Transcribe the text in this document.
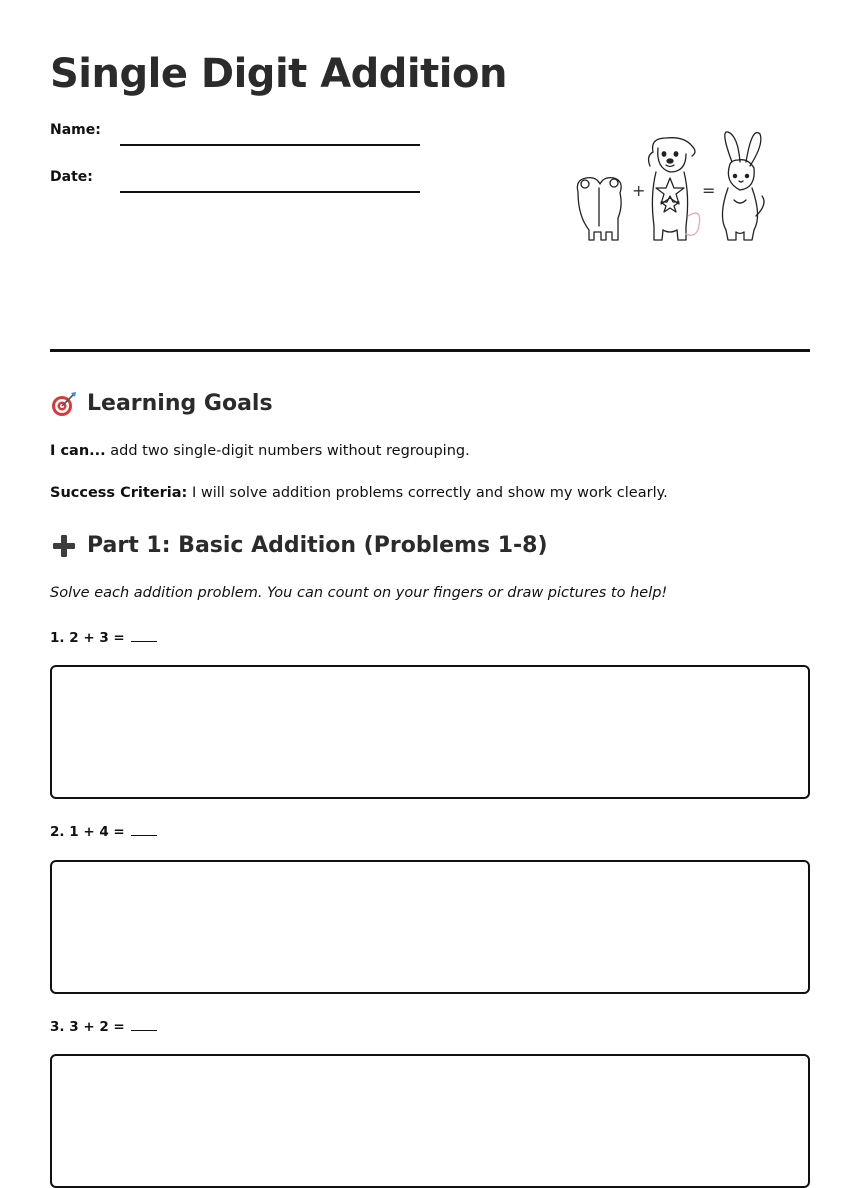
Single Digit Addition
Name:
Date:
+	=
Learning Goals

I can... add two single-digit numbers without regrouping.

Success Criteria: I will solve addition problems correctly and show my work clearly.

Part 1: Basic Addition (Problems 1-8)

Solve each addition problem. You can count on your fingers or draw pictures to help!

1. 2 + 3 =

2. 1 + 4 =

3. 3 + 2 =
